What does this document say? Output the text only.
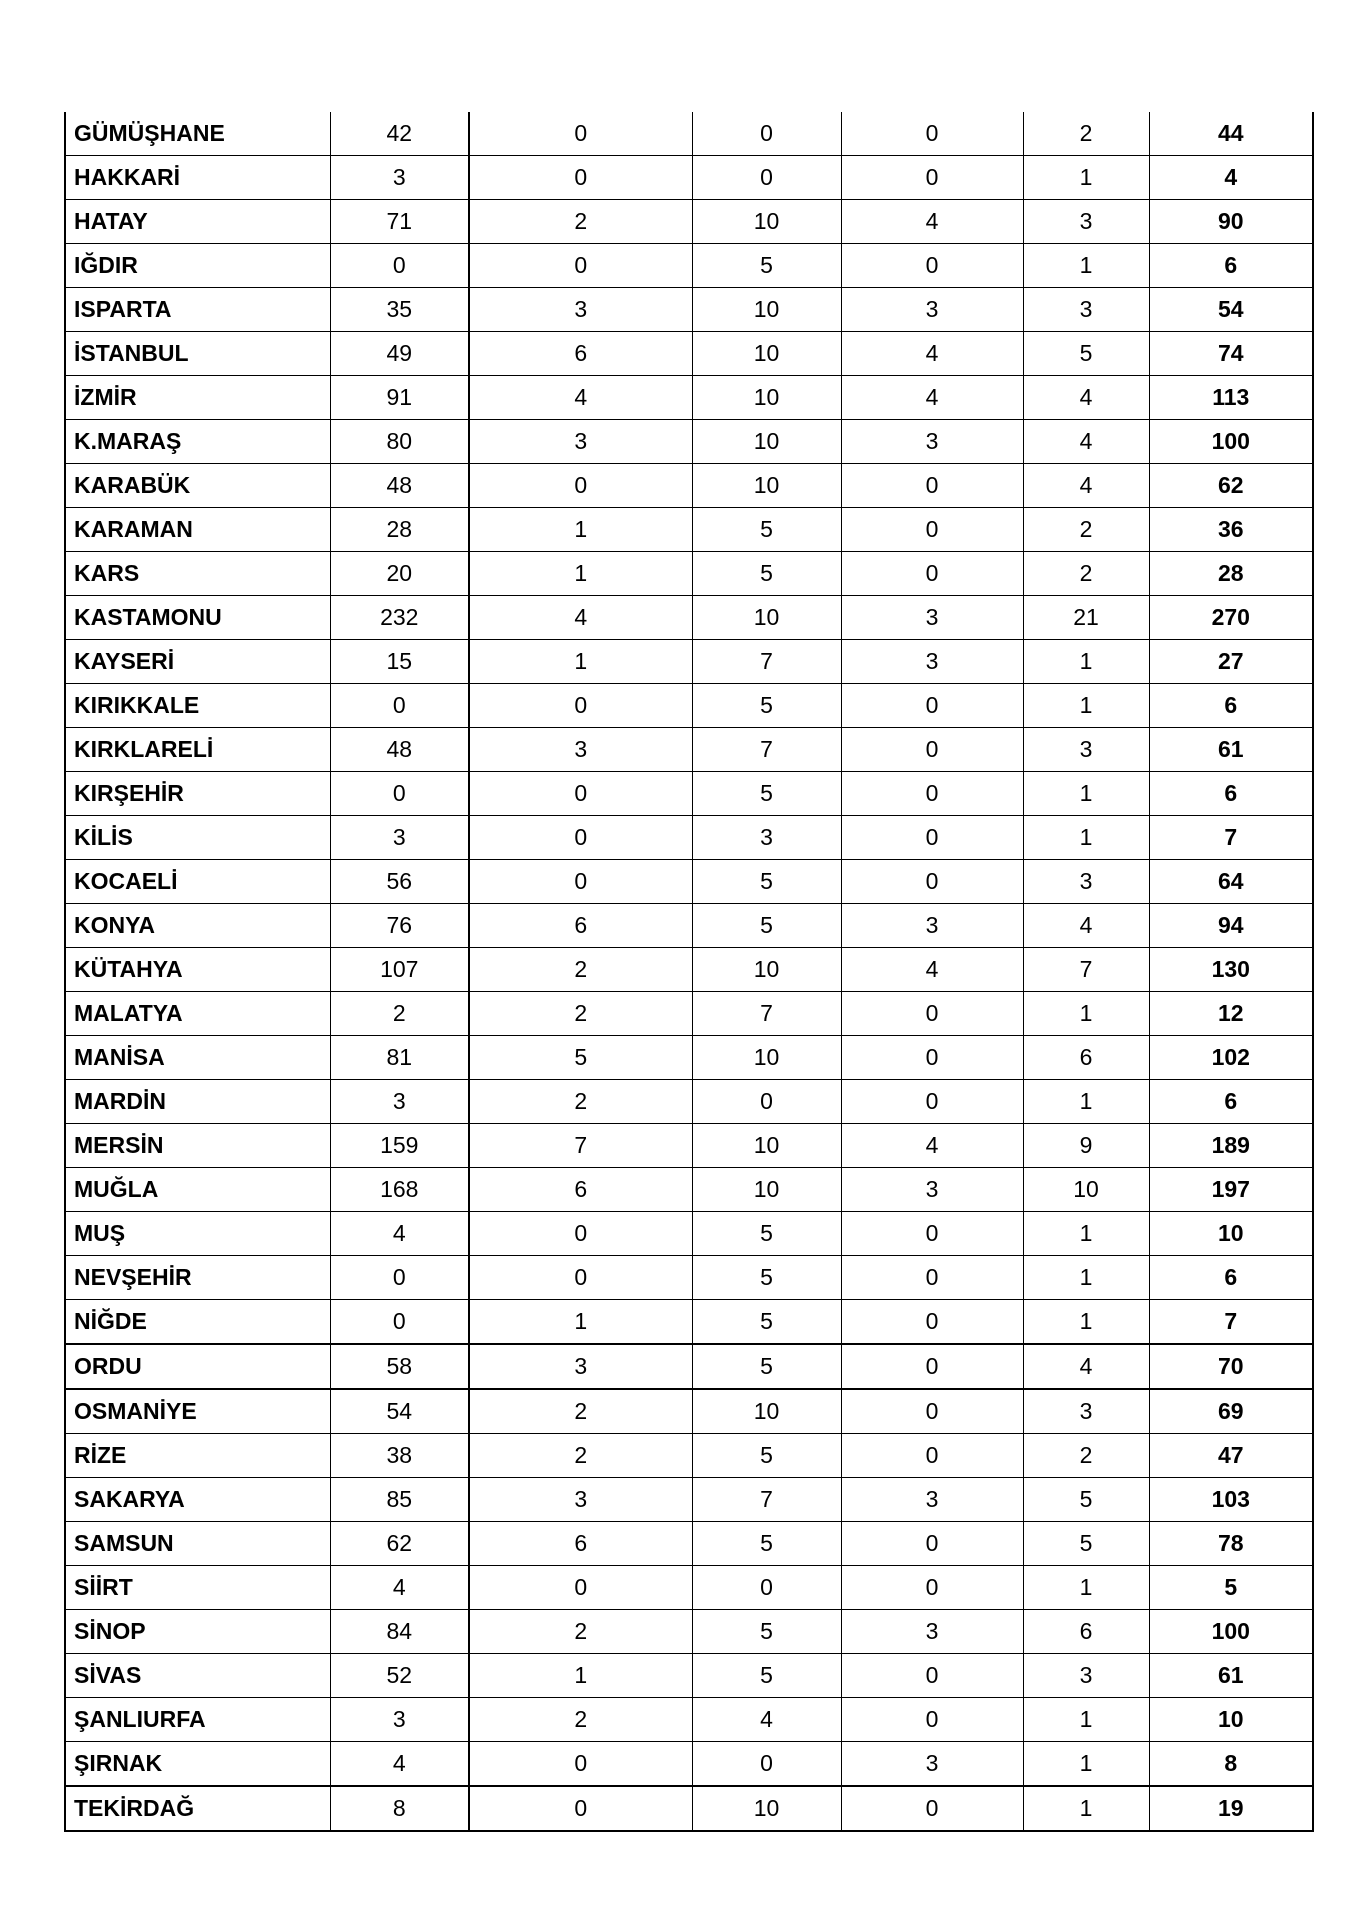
GÜMÜŞHANE	42	0	0	0	2	44
HAKKARİ	3	0	0	0	1	4
HATAY	71	2	10	4	3	90
IĞDIR	0	0	5	0	1	6
ISPARTA	35	3	10	3	3	54
İSTANBUL	49	6	10	4	5	74
İZMİR	91	4	10	4	4	113
K.MARAŞ	80	3	10	3	4	100
KARABÜK	48	0	10	0	4	62
KARAMAN	28	1	5	0	2	36
KARS	20	1	5	0	2	28
KASTAMONU	232	4	10	3	21	270
KAYSERİ	15	1	7	3	1	27
KIRIKKALE	0	0	5	0	1	6
KIRKLARELİ	48	3	7	0	3	61
KIRŞEHİR	0	0	5	0	1	6
KİLİS	3	0	3	0	1	7
KOCAELİ	56	0	5	0	3	64
KONYA	76	6	5	3	4	94
KÜTAHYA	107	2	10	4	7	130
MALATYA	2	2	7	0	1	12
MANİSA	81	5	10	0	6	102
MARDİN	3	2	0	0	1	6
MERSİN	159	7	10	4	9	189
MUĞLA	168	6	10	3	10	197
MUŞ	4	0	5	0	1	10
NEVŞEHİR	0	0	5	0	1	6
NİĞDE	0	1	5	0	1	7
ORDU	58	3	5	0	4	70
OSMANİYE	54	2	10	0	3	69
RİZE	38	2	5	0	2	47
SAKARYA	85	3	7	3	5	103
SAMSUN	62	6	5	0	5	78
SİİRT	4	0	0	0	1	5
SİNOP	84	2	5	3	6	100
SİVAS	52	1	5	0	3	61
ŞANLIURFA	3	2	4	0	1	10
ŞIRNAK	4	0	0	3	1	8
TEKİRDAĞ	8	0	10	0	1	19
